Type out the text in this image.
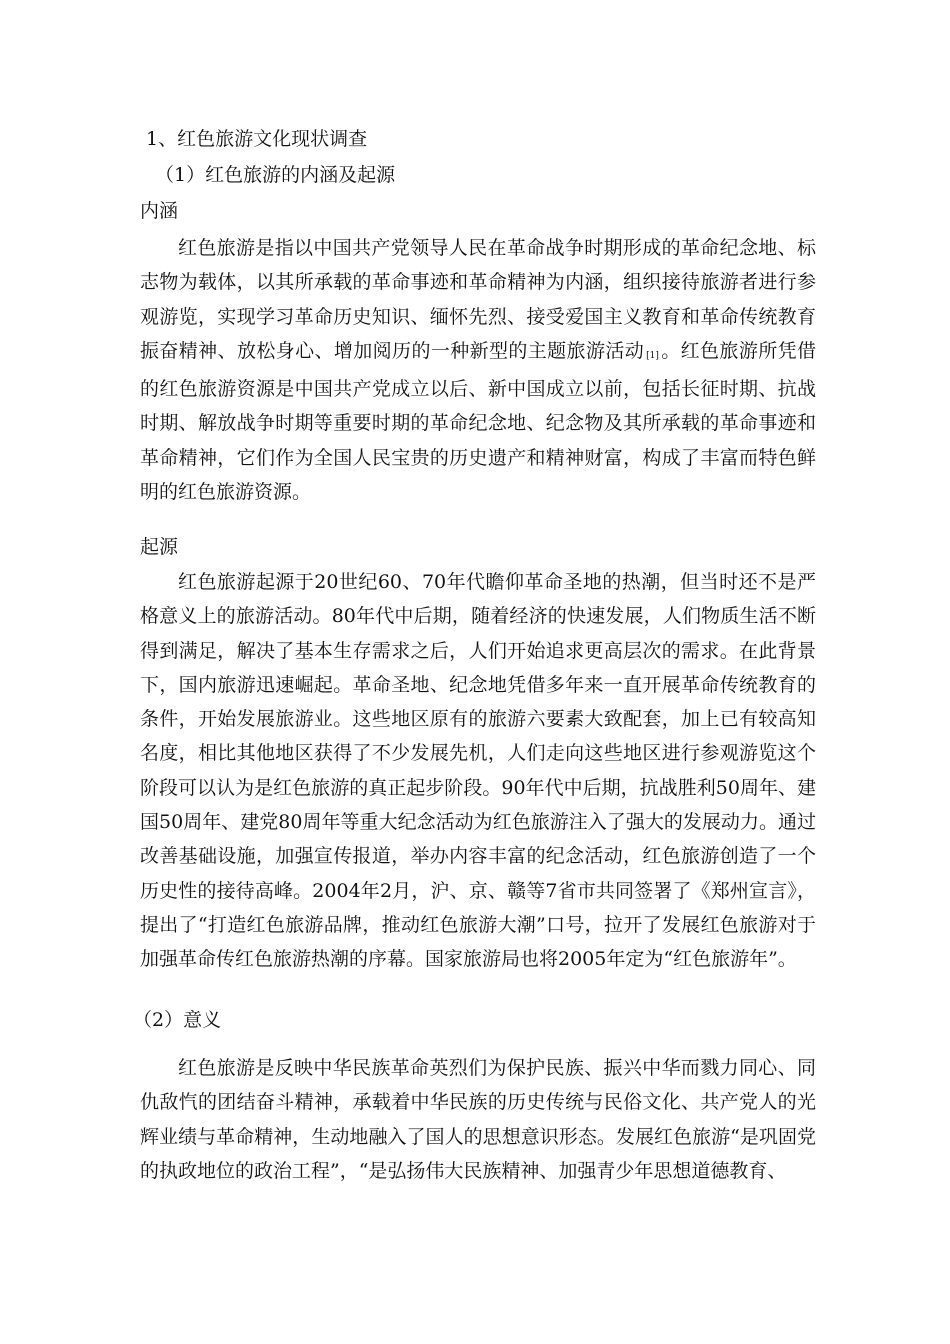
1、红色旅游文化现状调查
（1）红色旅游的内涵及起源
内涵

红色旅游是指以中国共产党领导人民在革命战争时期形成的革命纪念地、标志物为载体，以其所承载的革命事迹和革命精神为内涵，组织接待旅游者进行参观游览，实现学习革命历史知识、缅怀先烈、接受爱国主义教育和革命传统教育振奋精神、放松身心、增加阅历的一种新型的主题旅游活动 [1] 。红色旅游所凭借的红色旅游资源是中国共产党成立以后、新中国成立以前，包括长征时期、抗战时期、解放战争时期等重要时期的革命纪念地、纪念物及其所承载的革命事迹和革命精神，它们作为全国人民宝贵的历史遗产和精神财富，构成了丰富而特色鲜明的红色旅游资源。

起源

红色旅游起源于20世纪60、70年代瞻仰革命圣地的热潮，但当时还不是严格意义上的旅游活动。80年代中后期，随着经济的快速发展，人们物质生活不断得到满足，解决了基本生存需求之后，人们开始追求更高层次的需求。在此背景下，国内旅游迅速崛起。革命圣地、纪念地凭借多年来一直开展革命传统教育的条件，开始发展旅游业。这些地区原有的旅游六要素大致配套，加上已有较高知名度，相比其他地区获得了不少发展先机，人们走向这些地区进行参观游览这个阶段可以认为是红色旅游的真正起步阶段。90年代中后期，抗战胜利50周年、建国50周年、建党80周年等重大纪念活动为红色旅游注入了强大的发展动力。通过改善基础设施，加强宣传报道，举办内容丰富的纪念活动，红色旅游创造了一个历史性的接待高峰。2004年2月，沪、京、赣等7省市共同签署了《郑州宣言》，提出了“打造红色旅游品牌，推动红色旅游大潮”口号，拉开了发展红色旅游对于加强革命传红色旅游热潮的序幕。国家旅游局也将2005年定为“红色旅游年”。

（2）意义

红色旅游是反映中华民族革命英烈们为保护民族、振兴中华而戮力同心、同仇敌忾的团结奋斗精神，承载着中华民族的历史传统与民俗文化、共产党人的光辉业绩与革命精神，生动地融入了国人的思想意识形态。发展红色旅游“是巩固党的执政地位的政治工程”，“是弘扬伟大民族精神、加强青少年思想道德教育、
